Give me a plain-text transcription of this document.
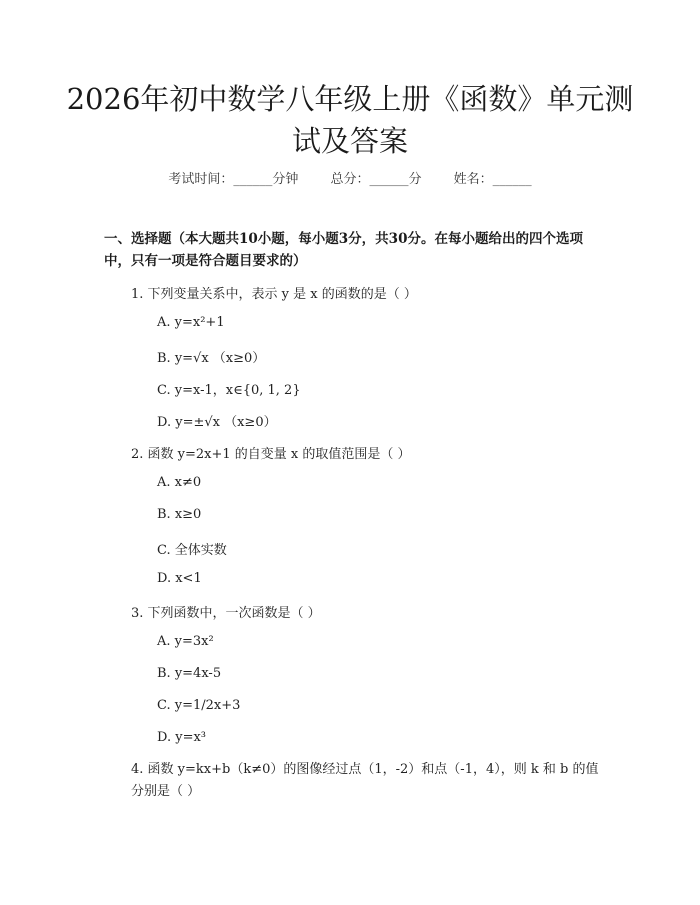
2026年初中数学八年级上册《函数》单元测试及答案
考试时间：______分钟 总分：______分 姓名：______
一、选择题（本大题共10小题，每小题3分，共30分。在每小题给出的四个选项中，只有一项是符合题目要求的）
1. 下列变量关系中，表示 y 是 x 的函数的是（ ）
A. y=x²+1
B. y=√x （x≥0）
C. y=x-1，x∈{0, 1, 2}
D. y=±√x （x≥0）
2. 函数 y=2x+1 的自变量 x 的取值范围是（ ）
A. x≠0
B. x≥0
C. 全体实数
D. x<1
3. 下列函数中，一次函数是（ ）
A. y=3x²
B. y=4x-5
C. y=1/2x+3
D. y=x³
4. 函数 y=kx+b（k≠0）的图像经过点（1，-2）和点（-1，4），则 k 和 b 的值分别是（ ）
